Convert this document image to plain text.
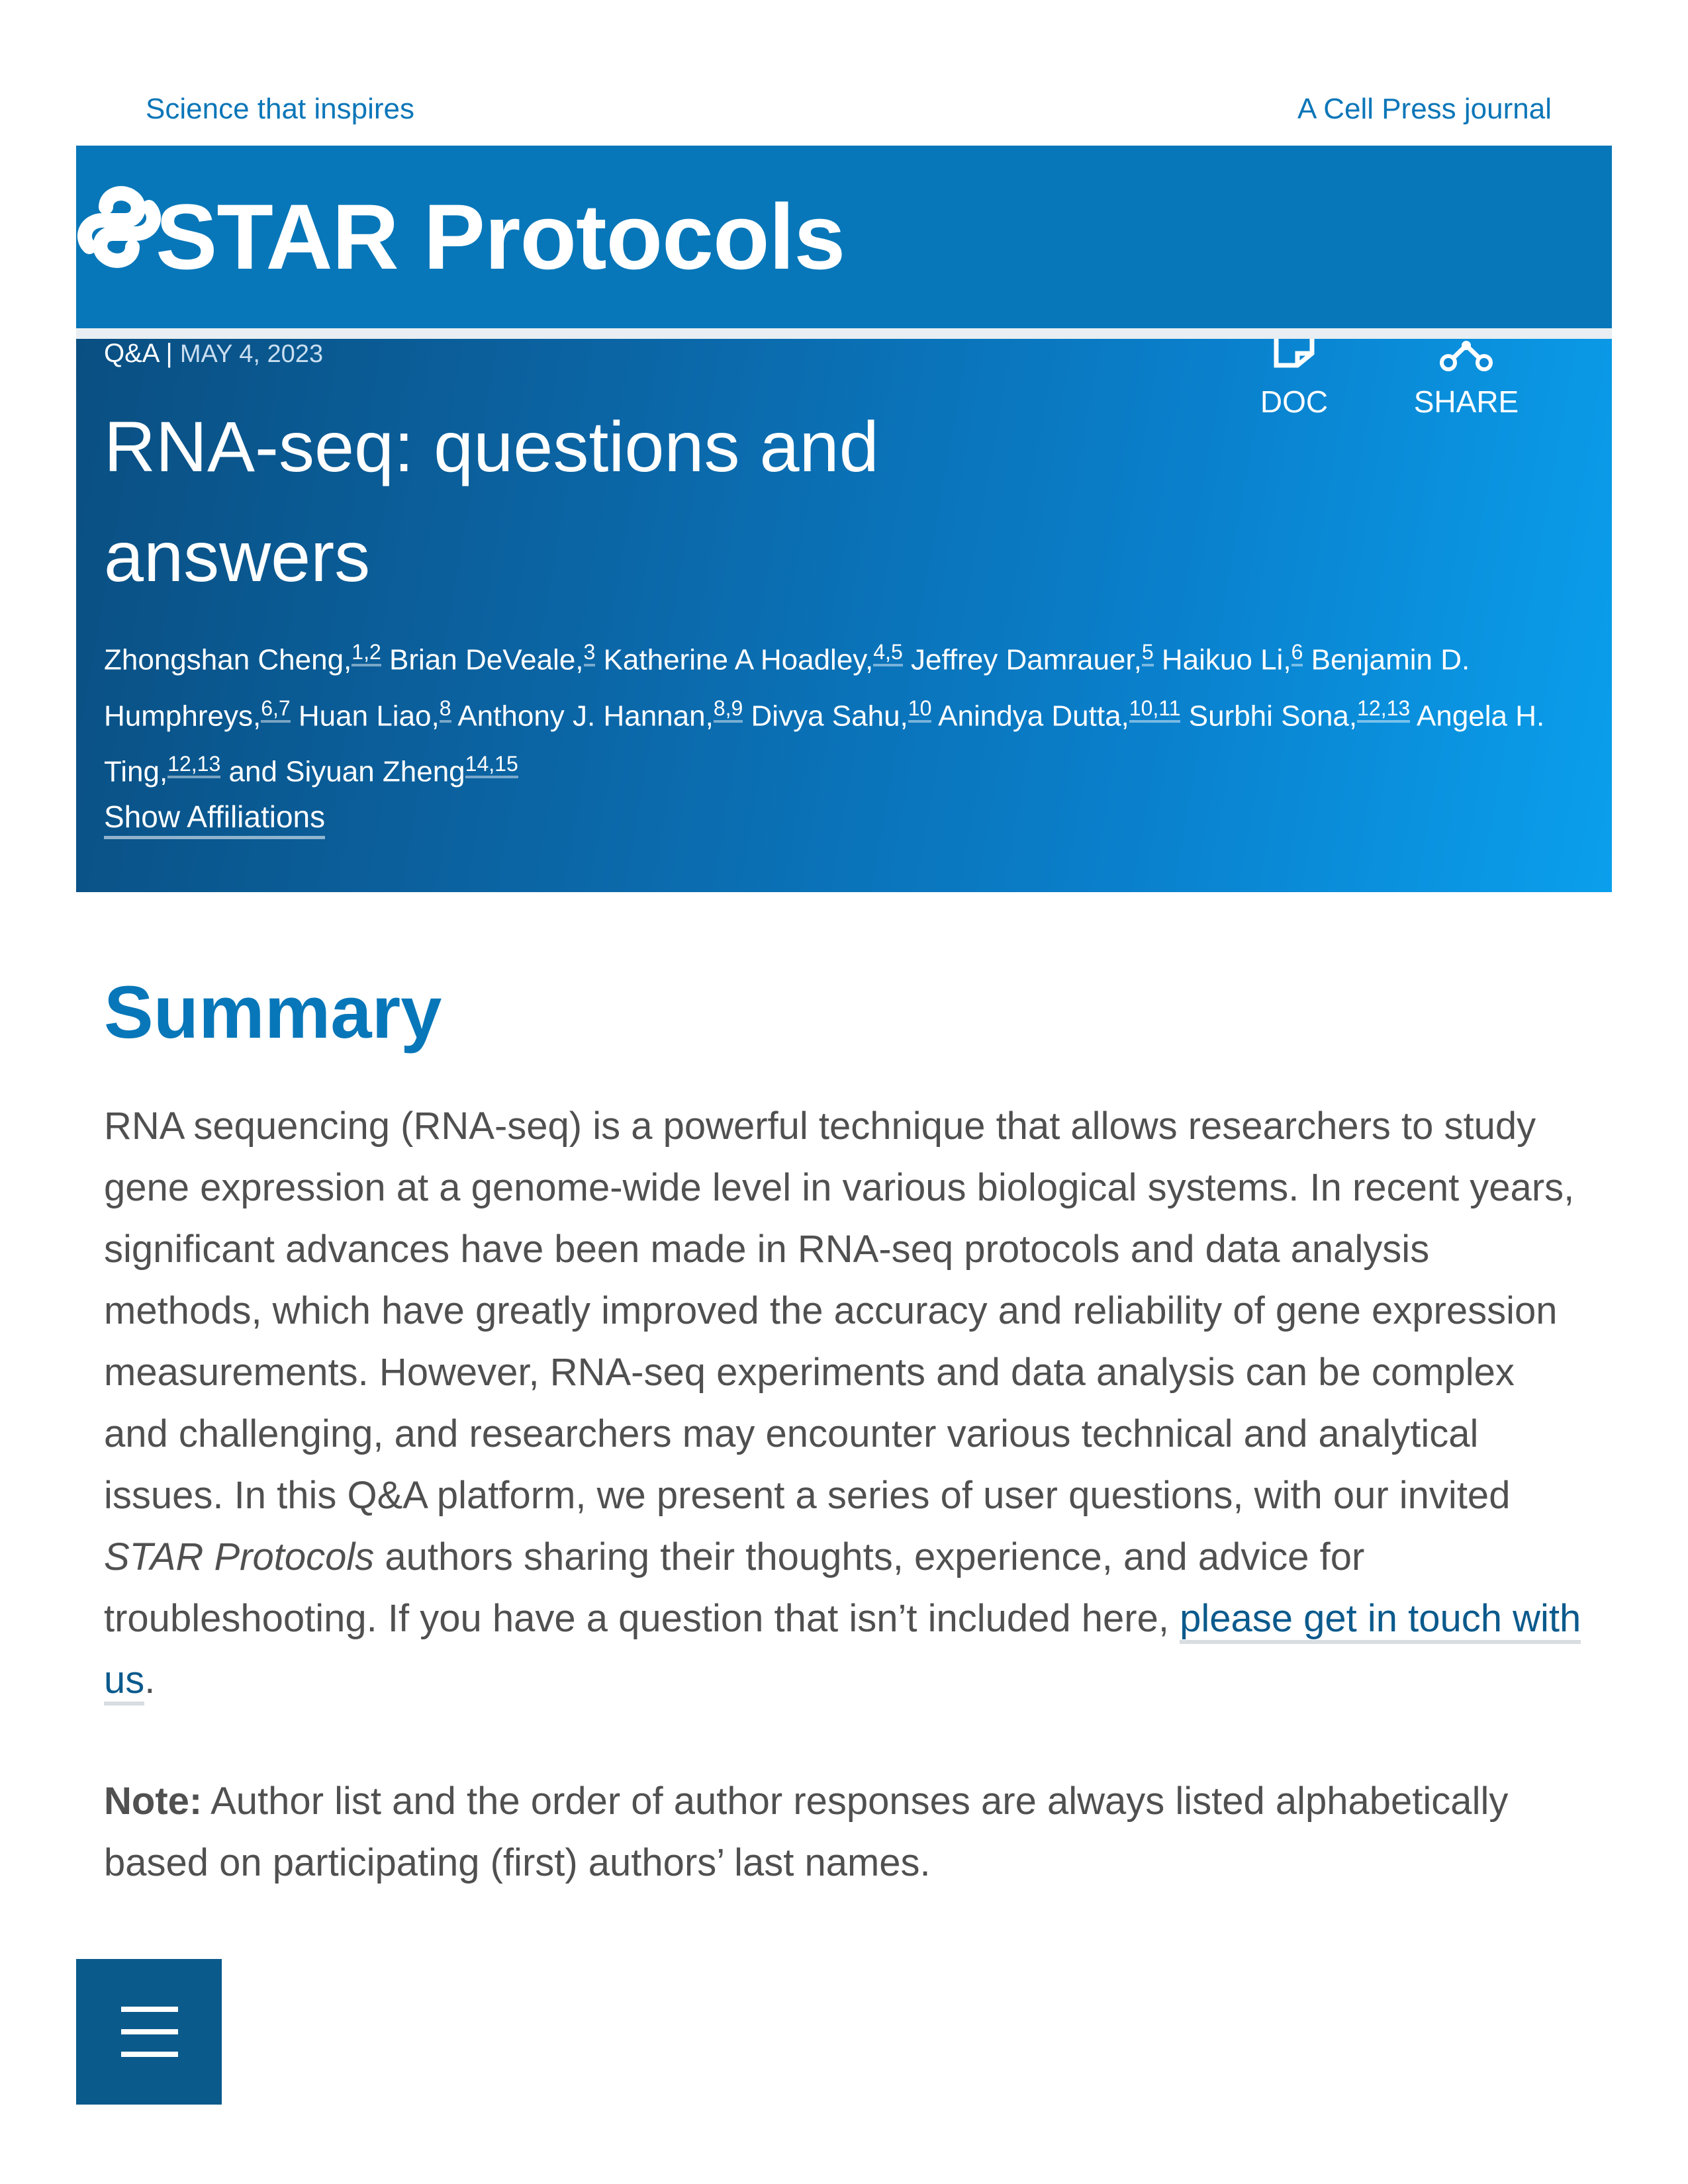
Science that inspires	A Cell Press journal
STAR Protocols
Q&A | MAY 4, 2023
RNA-seq: questions and answers
DOC	SHARE
Zhongshan Cheng,$^{1,2}$ Brian DeVeale,$^3$ Katherine A Hoadley,$^{4,5}$ Jeffrey Damrauer,$^5$ Haikuo Li,$^6$ Benjamin D. Humphreys,$^{6,7}$ Huan Liao,$^8$ Anthony J. Hannan,$^{8,9}$ Divya Sahu,$^{10}$ Anindya Dutta,$^{10,11}$ Surbhi Sona,$^{12,13}$ Angela H. Ting,$^{12,13}$ and Siyuan Zheng$^{14,15}$
Show Affiliations
Summary

RNA sequencing (RNA-seq) is a powerful technique that allows researchers to study gene expression at a genome-wide level in various biological systems. In recent years, significant advances have been made in RNA-seq protocols and data analysis methods, which have greatly improved the accuracy and reliability of gene expression measurements. However, RNA-seq experiments and data analysis can be complex and challenging, and researchers may encounter various technical and analytical issues. In this Q&A platform, we present a series of user questions, with our invited STAR Protocols authors sharing their thoughts, experience, and advice for troubleshooting. If you have a question that isn’t included here, please get in touch with us.

Note: Author list and the order of author responses are always listed alphabetically based on participating (first) authors’ last names.
